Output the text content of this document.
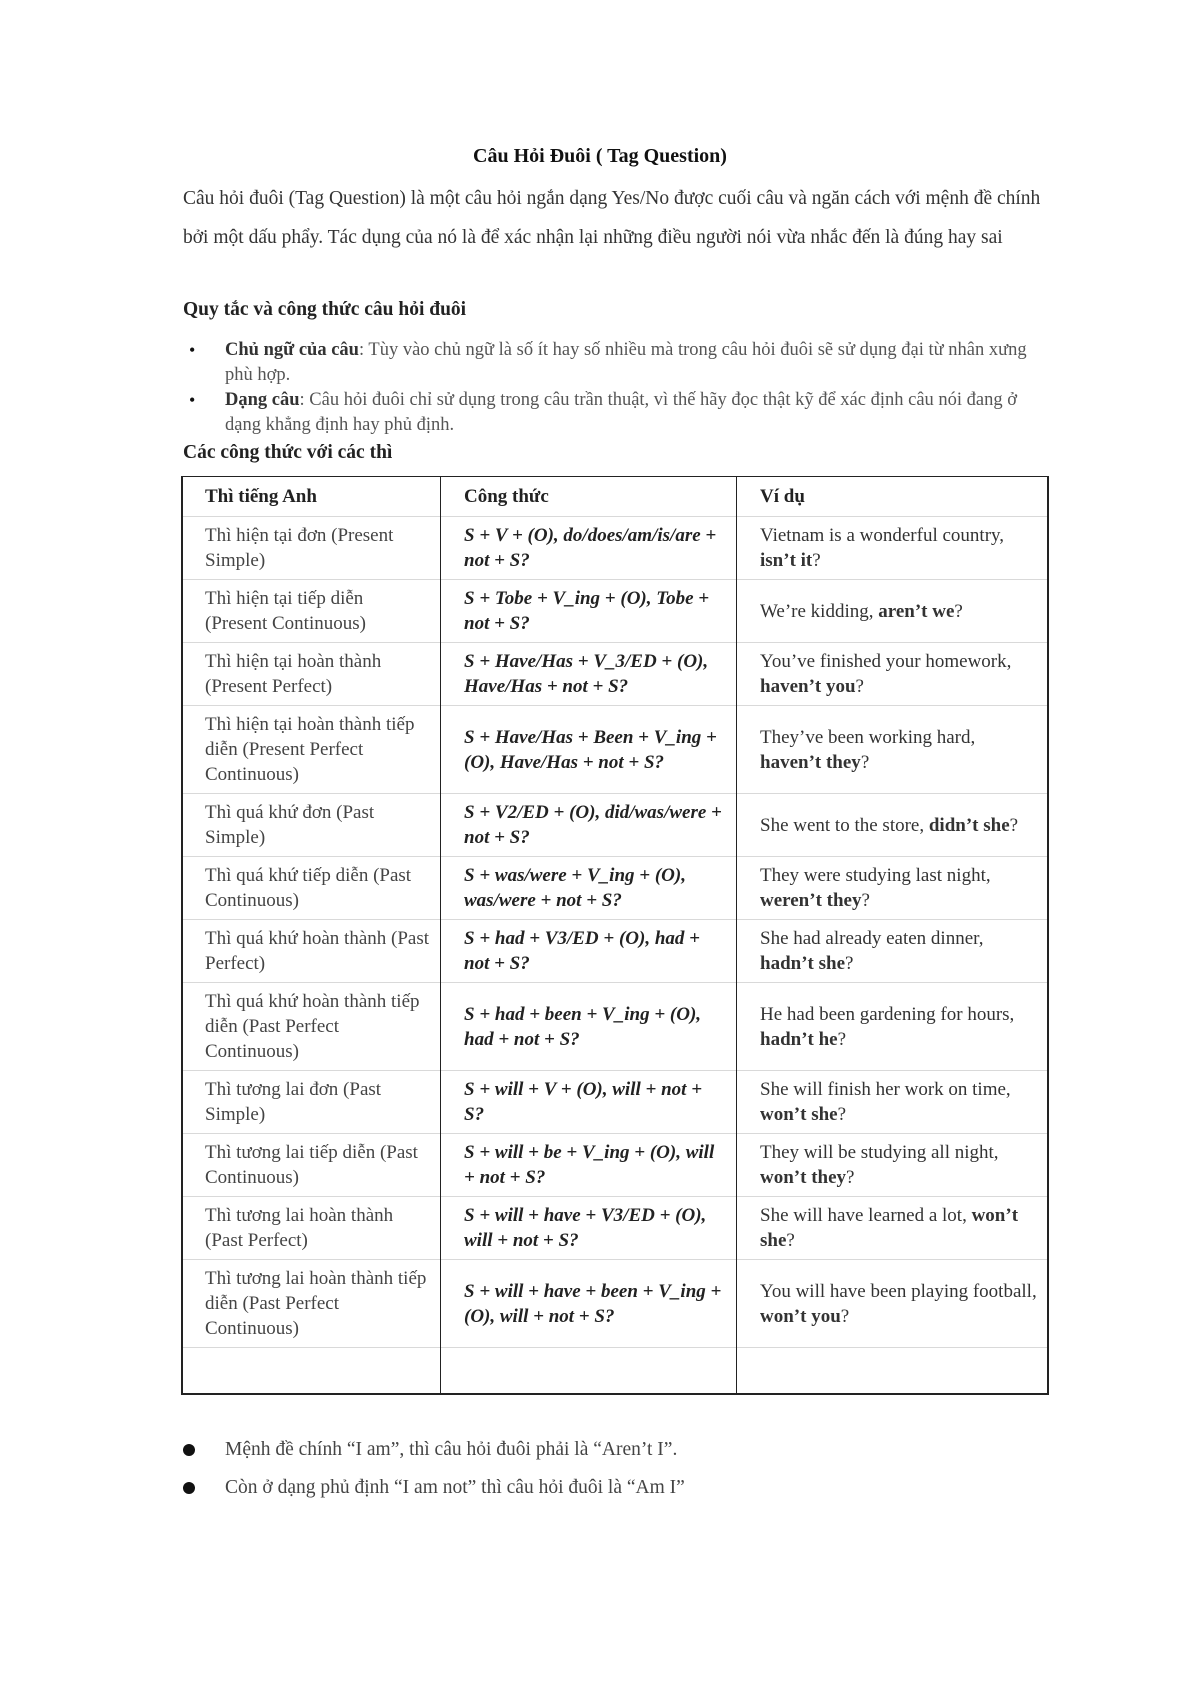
Câu Hỏi Đuôi ( Tag Question)
Câu hỏi đuôi (Tag Question) là một câu hỏi ngắn dạng Yes/No được cuối câu và ngăn cách với mệnh đề chính bởi một dấu phẩy. Tác dụng của nó là để xác nhận lại những điều người nói vừa nhắc đến là đúng hay sai
Quy tắc và công thức câu hỏi đuôi
• Chủ ngữ của câu: Tùy vào chủ ngữ là số ít hay số nhiều mà trong câu hỏi đuôi sẽ sử dụng đại từ nhân xưng phù hợp.
• Dạng câu: Câu hỏi đuôi chỉ sử dụng trong câu trần thuật, vì thế hãy đọc thật kỹ để xác định câu nói đang ở dạng khẳng định hay phủ định.
Các công thức với các thì
Thì tiếng Anh	Công thức	Ví dụ
Thì hiện tại đơn (Present Simple)	S + V + (O), do/does/am/is/are + not + S?	Vietnam is a wonderful country, isn’t it?
Thì hiện tại tiếp diễn (Present Continuous)	S + Tobe + V_ing + (O), Tobe + not + S?	We’re kidding, aren’t we?
Thì hiện tại hoàn thành (Present Perfect)	S + Have/Has + V_3/ED + (O), Have/Has + not + S?	You’ve finished your homework, haven’t you?
Thì hiện tại hoàn thành tiếp diễn (Present Perfect Continuous)	S + Have/Has + Been + V_ing + (O), Have/Has + not + S?	They’ve been working hard, haven’t they?
Thì quá khứ đơn (Past Simple)	S + V2/ED + (O), did/was/were + not + S?	She went to the store, didn’t she?
Thì quá khứ tiếp diễn (Past Continuous)	S + was/were + V_ing + (O), was/were + not + S?	They were studying last night, weren’t they?
Thì quá khứ hoàn thành (Past Perfect)	S + had + V3/ED + (O), had + not + S?	She had already eaten dinner, hadn’t she?
Thì quá khứ hoàn thành tiếp diễn (Past Perfect Continuous)	S + had + been + V_ing + (O), had + not + S?	He had been gardening for hours, hadn’t he?
Thì tương lai đơn (Past Simple)	S + will + V + (O), will + not + S?	She will finish her work on time, won’t she?
Thì tương lai tiếp diễn (Past Continuous)	S + will + be + V_ing + (O), will + not + S?	They will be studying all night, won’t they?
Thì tương lai hoàn thành (Past Perfect)	S + will + have + V3/ED + (O), will + not + S?	She will have learned a lot, won’t she?
Thì tương lai hoàn thành tiếp diễn (Past Perfect Continuous)	S + will + have + been + V_ing + (O), will + not + S?	You will have been playing football, won’t you?
Mệnh đề chính “I am”, thì câu hỏi đuôi phải là “Aren’t I”.
Còn ở dạng phủ định “I am not” thì câu hỏi đuôi là “Am I”
